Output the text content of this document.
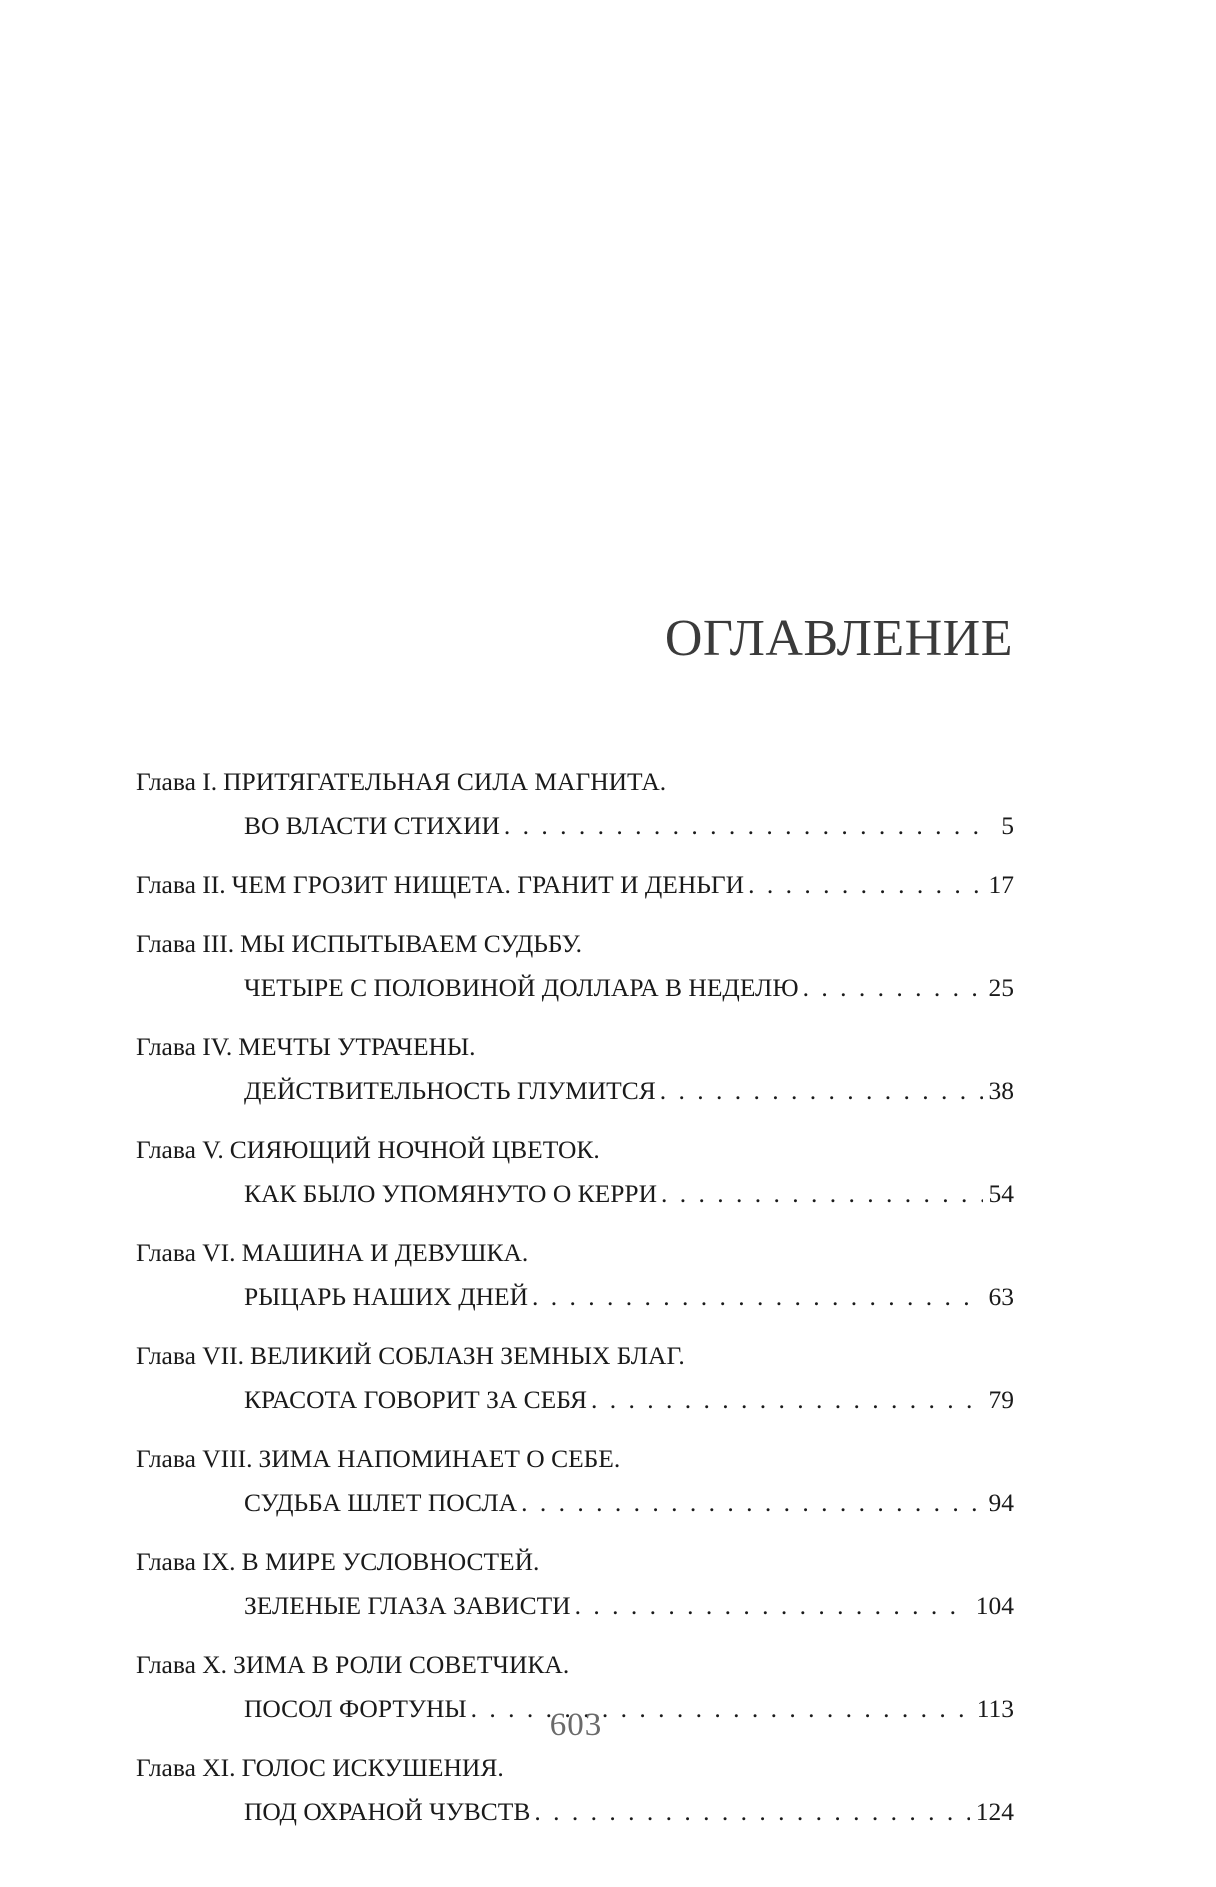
ОГЛАВЛЕНИЕ
Глава I. ПРИТЯГАТЕЛЬНАЯ СИЛА МАГНИТА.
ВО ВЛАСТИ СТИХИИ . . .	5
Глава II. ЧЕМ ГРОЗИТ НИЩЕТА. ГРАНИТ И ДЕНЬГИ . . .	17
Глава III. МЫ ИСПЫТЫВАЕМ СУДЬБУ.
ЧЕТЫРЕ С ПОЛОВИНОЙ ДОЛЛАРА В НЕДЕЛЮ . . .	25
Глава IV. МЕЧТЫ УТРАЧЕНЫ.
ДЕЙСТВИТЕЛЬНОСТЬ ГЛУМИТСЯ . . .	38
Глава V. СИЯЮЩИЙ НОЧНОЙ ЦВЕТОК.
КАК БЫЛО УПОМЯНУТО О КЕРРИ . . .	54
Глава VI. МАШИНА И ДЕВУШКА.
РЫЦАРЬ НАШИХ ДНЕЙ . . .	63
Глава VII. ВЕЛИКИЙ СОБЛАЗН ЗЕМНЫХ БЛАГ.
КРАСОТА ГОВОРИТ ЗА СЕБЯ . . .	79
Глава VIII. ЗИМА НАПОМИНАЕТ О СЕБЕ.
СУДЬБА ШЛЕТ ПОСЛА . . .	94
Глава IX. В МИРЕ УСЛОВНОСТЕЙ.
ЗЕЛЕНЫЕ ГЛАЗА ЗАВИСТИ . . .	104
Глава X. ЗИМА В РОЛИ СОВЕТЧИКА.
ПОСОЛ ФОРТУНЫ . . .	113
Глава XI. ГОЛОС ИСКУШЕНИЯ.
ПОД ОХРАНОЙ ЧУВСТВ . . .	124
603
